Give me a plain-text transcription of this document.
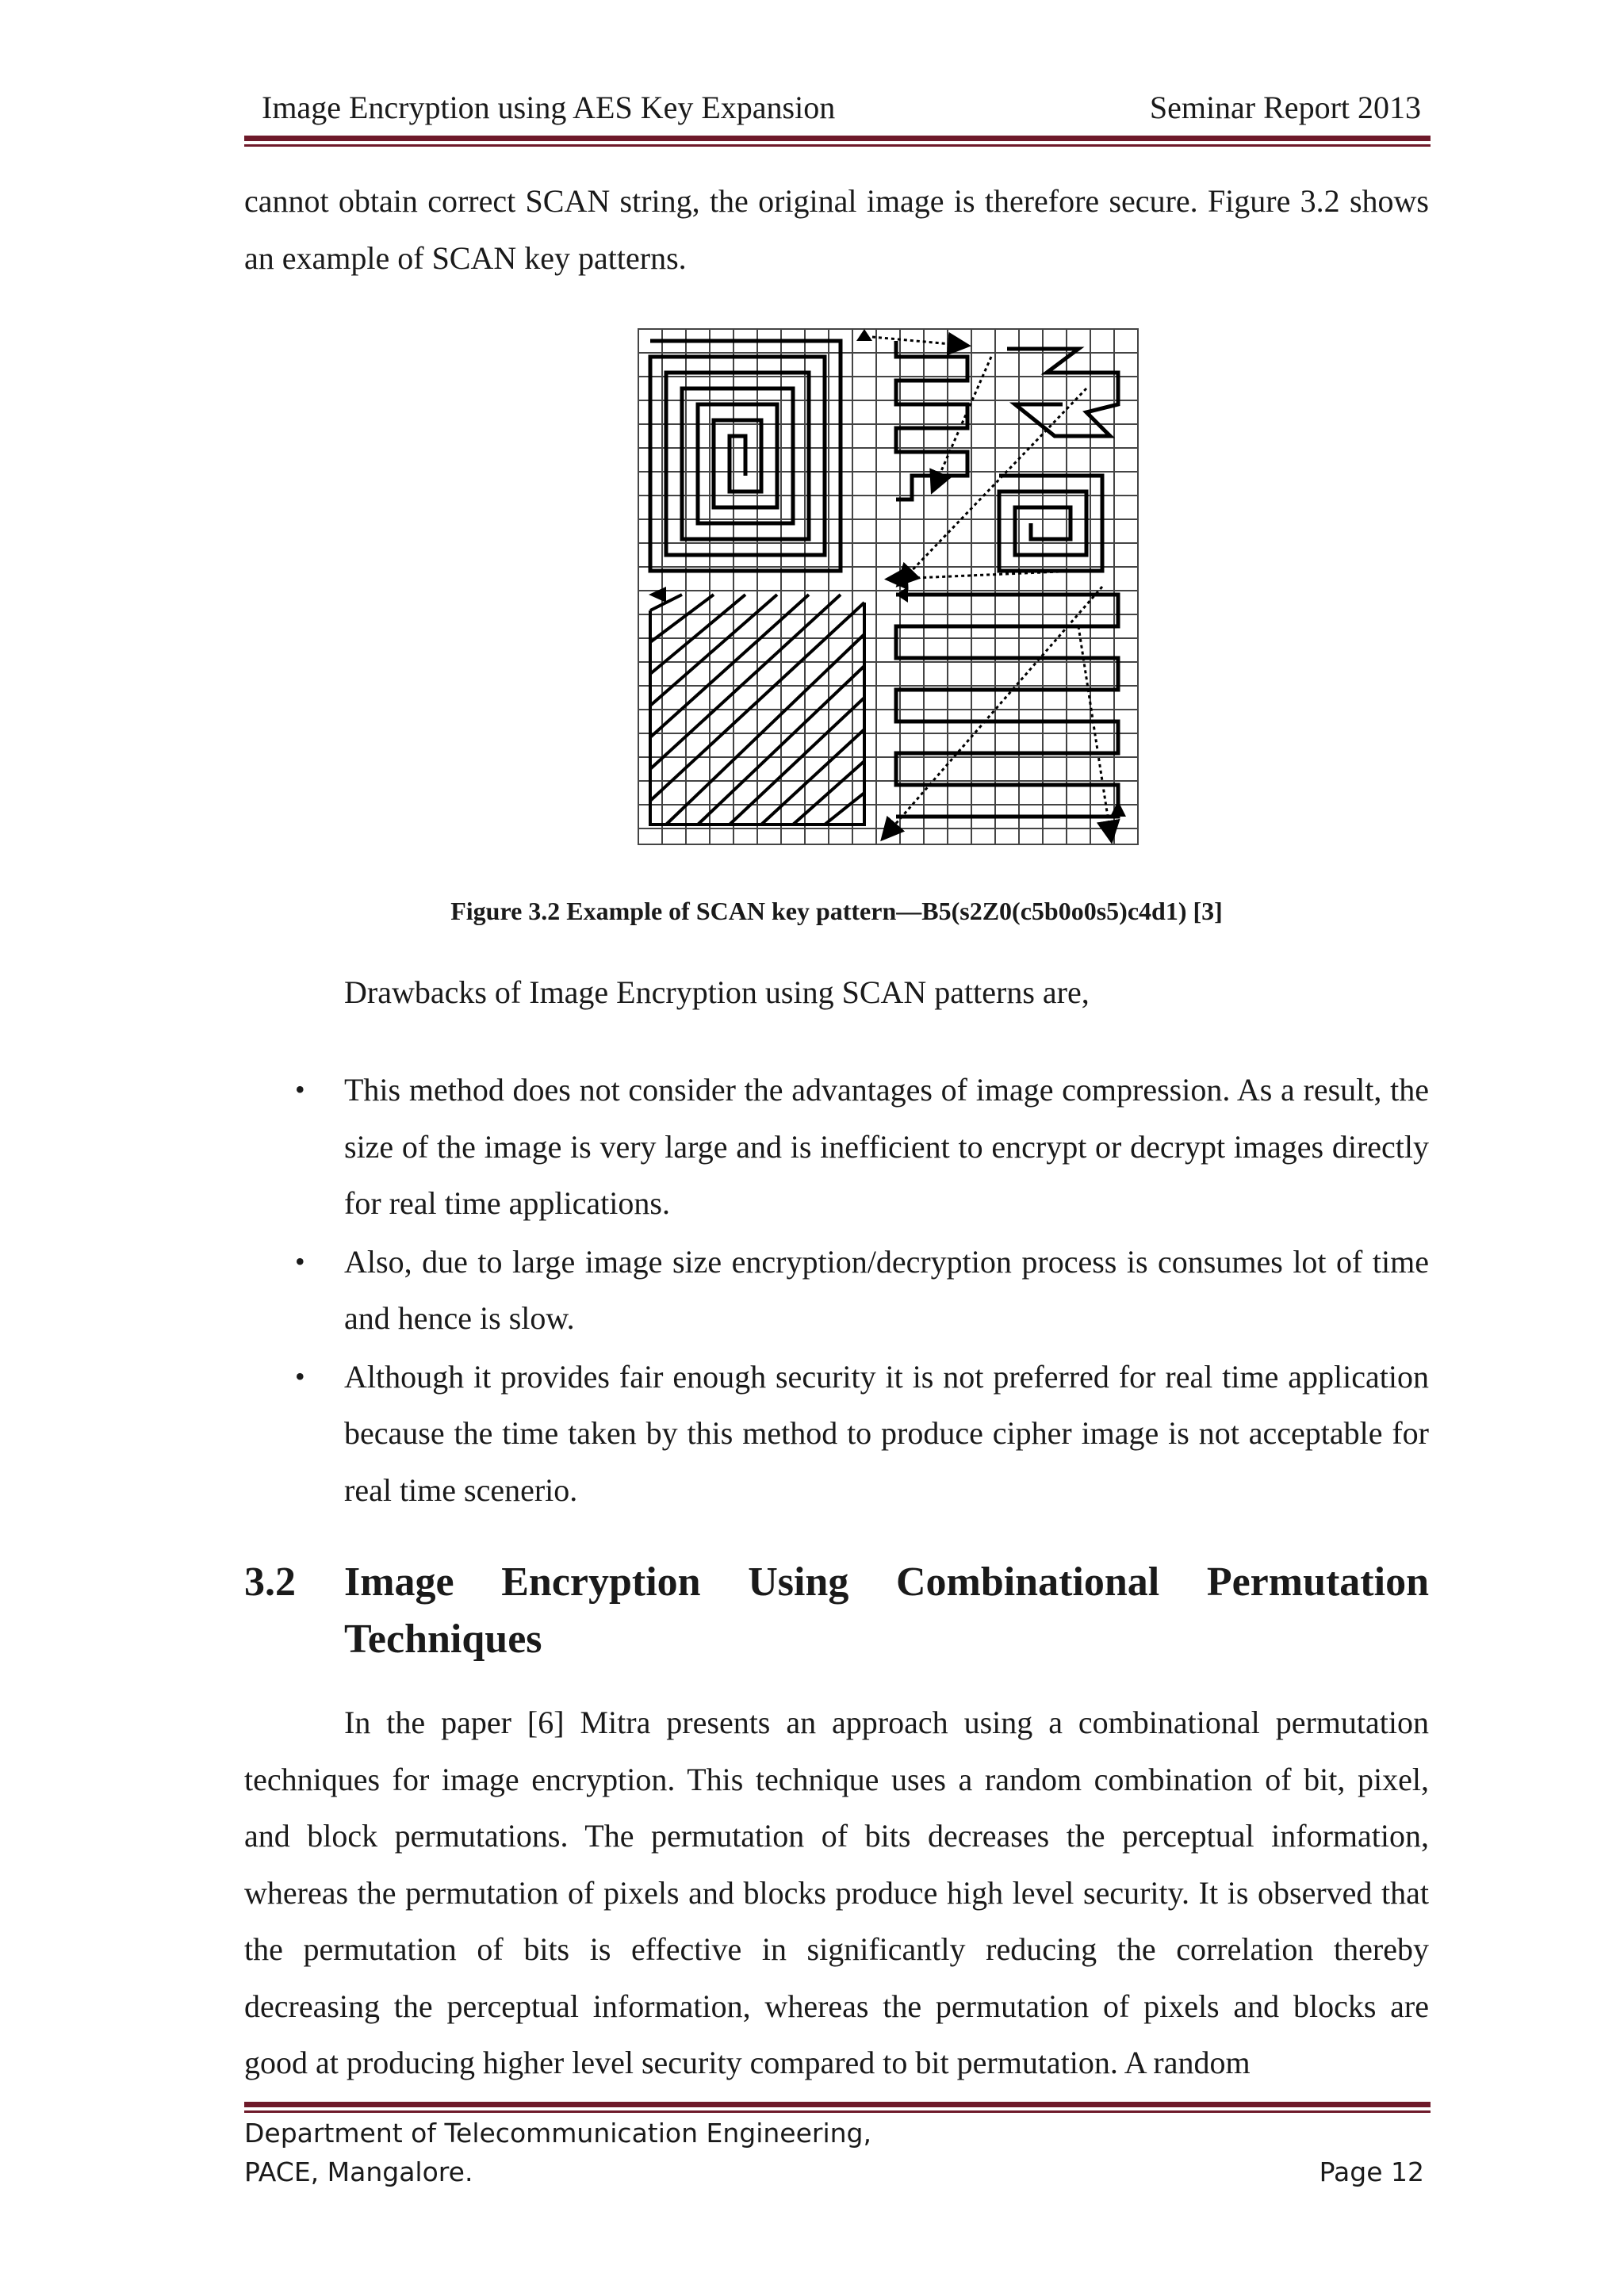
Image Encryption using AES Key Expansion	Seminar Report 2013

cannot obtain correct SCAN string, the original image is therefore secure. Figure 3.2 shows an example of SCAN key patterns.

Figure 3.2 Example of SCAN key pattern—B5(s2Z0(c5b0o0s5)c4d1) [3]
Drawbacks of Image Encryption using SCAN patterns are,
• This method does not consider the advantages of image compression. As a result, the size of the image is very large and is inefficient to encrypt or decrypt images directly for real time applications.
• Also, due to large image size encryption/decryption process is consumes lot of time and hence is slow.
• Although it provides fair enough security it is not preferred for real time application because the time taken by this method to produce cipher image is not acceptable for real time scenerio.
3.2 Image Encryption Using Combinational Permutation Techniques

In the paper [6] Mitra presents an approach using a combinational permutation techniques for image encryption. This technique uses a random combination of bit, pixel, and block permutations. The permutation of bits decreases the perceptual information, whereas the permutation of pixels and blocks produce high level security. It is observed that the permutation of bits is effective in significantly reducing the correlation thereby decreasing the perceptual information, whereas the permutation of pixels and blocks are good at producing higher level security compared to bit permutation. A random

Department of Telecommunication Engineering,
PACE, Mangalore.	Page 12
